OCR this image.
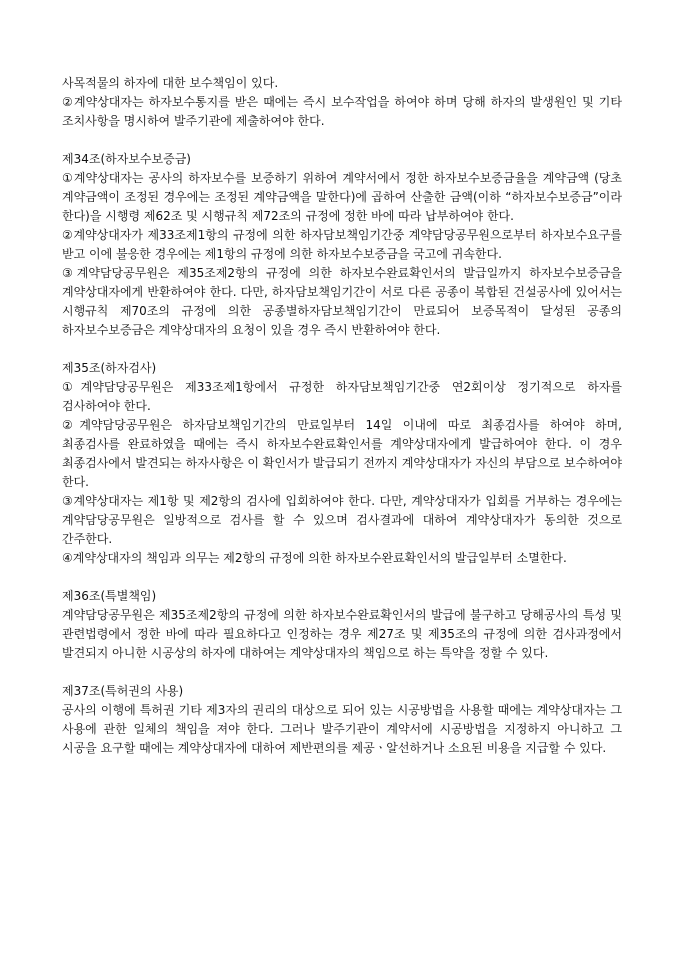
사목적물의 하자에 대한 보수책임이 있다.

②계약상대자는 하자보수통지를 받은 때에는 즉시 보수작업을 하여야 하며 당해 하자의 발생원인 및 기타 조치사항을 명시하여 발주기관에 제출하여야 한다.

제34조(하자보수보증금)

①계약상대자는 공사의 하자보수를 보증하기 위하여 계약서에서 정한 하자보수보증금율을 계약금액 (당초 계약금액이 조정된 경우에는 조정된 계약금액을 말한다)에 곱하여 산출한 금액(이하 “하자보수보증금”이라 한다)을 시행령 제62조 및 시행규칙 제72조의 규정에 정한 바에 따라 납부하여야 한다.

②계약상대자가 제33조제1항의 규정에 의한 하자담보책임기간중 계약담당공무원으로부터 하자보수요구를 받고 이에 불응한 경우에는 제1항의 규정에 의한 하자보수보증금을 국고에 귀속한다.

③계약담당공무원은 제35조제2항의 규정에 의한 하자보수완료확인서의 발급일까지 하자보수보증금을 계약상대자에게 반환하여야 한다. 다만, 하자담보책임기간이 서로 다른 공종이 복합된 건설공사에 있어서는 시행규칙 제70조의 규정에 의한 공종별하자담보책임기간이 만료되어 보증목적이 달성된 공종의 하자보수보증금은 계약상대자의 요청이 있을 경우 즉시 반환하여야 한다.

제35조(하자검사)

①계약담당공무원은 제33조제1항에서 규정한 하자담보책임기간중 연2회이상 정기적으로 하자를 검사하여야 한다.

②계약담당공무원은 하자담보책임기간의 만료일부터 14일 이내에 따로 최종검사를 하여야 하며, 최종검사를 완료하였을 때에는 즉시 하자보수완료확인서를 계약상대자에게 발급하여야 한다. 이 경우 최종검사에서 발견되는 하자사항은 이 확인서가 발급되기 전까지 계약상대자가 자신의 부담으로 보수하여야 한다.

③계약상대자는 제1항 및 제2항의 검사에 입회하여야 한다. 다만, 계약상대자가 입회를 거부하는 경우에는 계약담당공무원은 일방적으로 검사를 할 수 있으며 검사결과에 대하여 계약상대자가 동의한 것으로 간주한다.

④계약상대자의 책임과 의무는 제2항의 규정에 의한 하자보수완료확인서의 발급일부터 소멸한다.

제36조(특별책임)

계약담당공무원은 제35조제2항의 규정에 의한 하자보수완료확인서의 발급에 불구하고 당해공사의 특성 및 관련법령에서 정한 바에 따라 필요하다고 인정하는 경우 제27조 및 제35조의 규정에 의한 검사과정에서 발견되지 아니한 시공상의 하자에 대하여는 계약상대자의 책임으로 하는 특약을 정할 수 있다.

제37조(특허권의 사용)

공사의 이행에 특허권 기타 제3자의 권리의 대상으로 되어 있는 시공방법을 사용할 때에는 계약상대자는 그 사용에 관한 일체의 책임을 져야 한다. 그러나 발주기관이 계약서에 시공방법을 지정하지 아니하고 그 시공을 요구할 때에는 계약상대자에 대하여 제반편의를 제공ㆍ알선하거나 소요된 비용을 지급할 수 있다.
